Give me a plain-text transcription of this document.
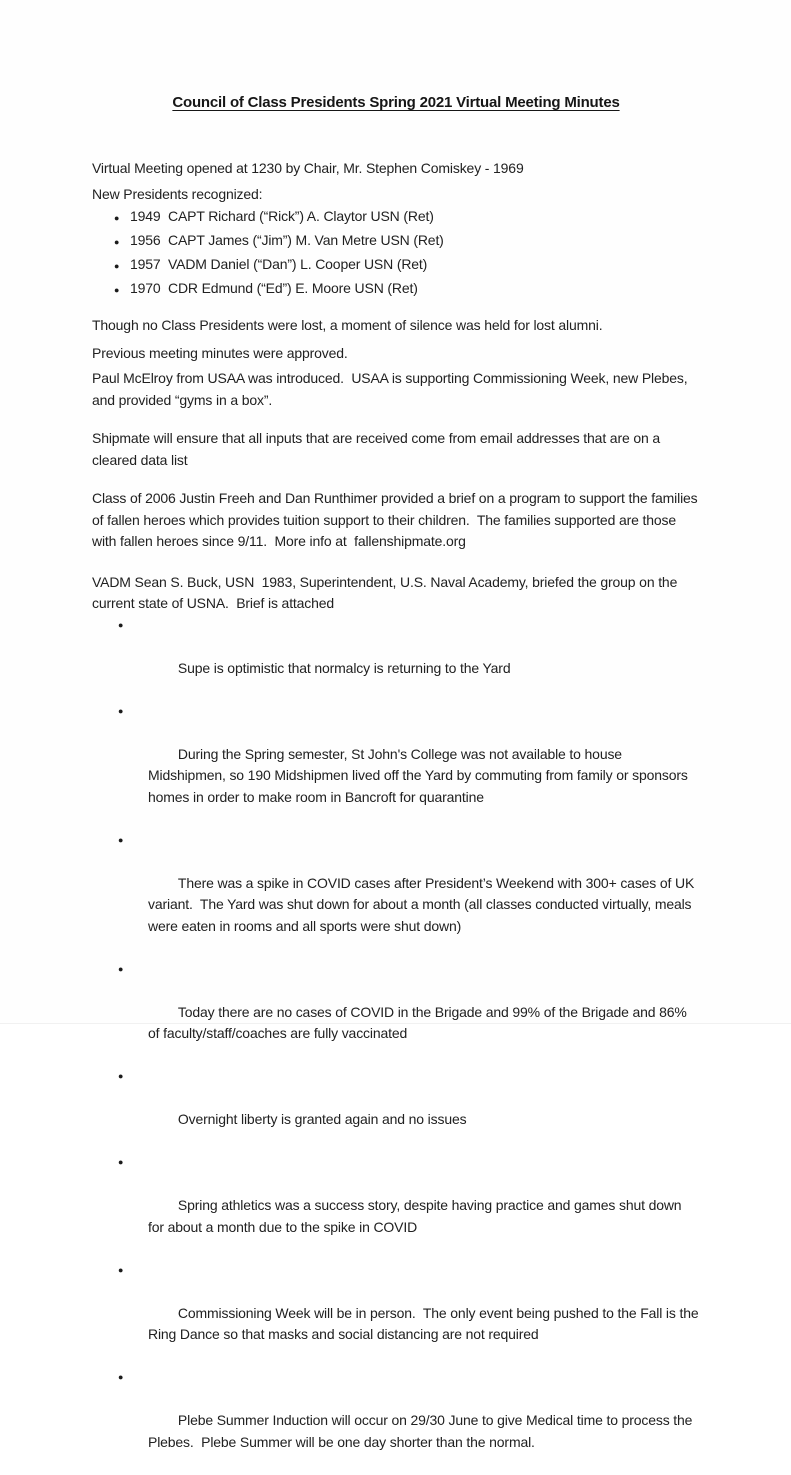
Council of Class Presidents Spring 2021 Virtual Meeting Minutes

Virtual Meeting opened at 1230 by Chair, Mr. Stephen Comiskey - 1969

New Presidents recognized:

● 1949 CAPT Richard (“Rick”) A. Claytor USN (Ret)
● 1956 CAPT James (“Jim”) M. Van Metre USN (Ret)
● 1957 VADM Daniel (“Dan”) L. Cooper USN (Ret)
● 1970 CDR Edmund (“Ed”) E. Moore USN (Ret)

Though no Class Presidents were lost, a moment of silence was held for lost alumni.

Previous meeting minutes were approved.

Paul McElroy from USAA was introduced.  USAA is supporting Commissioning Week, new Plebes, and provided “gyms in a box”.

Shipmate will ensure that all inputs that are received come from email addresses that are on a cleared data list

Class of 2006 Justin Freeh and Dan Runthimer provided a brief on a program to support the families of fallen heroes which provides tuition support to their children.  The families supported are those with fallen heroes since 9/11.  More info at  fallenshipmate.org

VADM Sean S. Buck, USN  1983, Superintendent, U.S. Naval Academy, briefed the group on the current state of USNA.  Brief is attached

●

Supe is optimistic that normalcy is returning to the Yard

●

During the Spring semester, St John's College was not available to house Midshipmen, so 190 Midshipmen lived off the Yard by commuting from family or sponsors homes in order to make room in Bancroft for quarantine

●

There was a spike in COVID cases after President’s Weekend with 300+ cases of UK variant.  The Yard was shut down for about a month (all classes conducted virtually, meals were eaten in rooms and all sports were shut down)

●

Today there are no cases of COVID in the Brigade and 99% of the Brigade and 86% of faculty/staff/coaches are fully vaccinated

●

Overnight liberty is granted again and no issues

●

Spring athletics was a success story, despite having practice and games shut down for about a month due to the spike in COVID

●

Commissioning Week will be in person.  The only event being pushed to the Fall is the Ring Dance so that masks and social distancing are not required

●

Plebe Summer Induction will occur on 29/30 June to give Medical time to process the Plebes.  Plebe Summer will be one day shorter than the normal.
